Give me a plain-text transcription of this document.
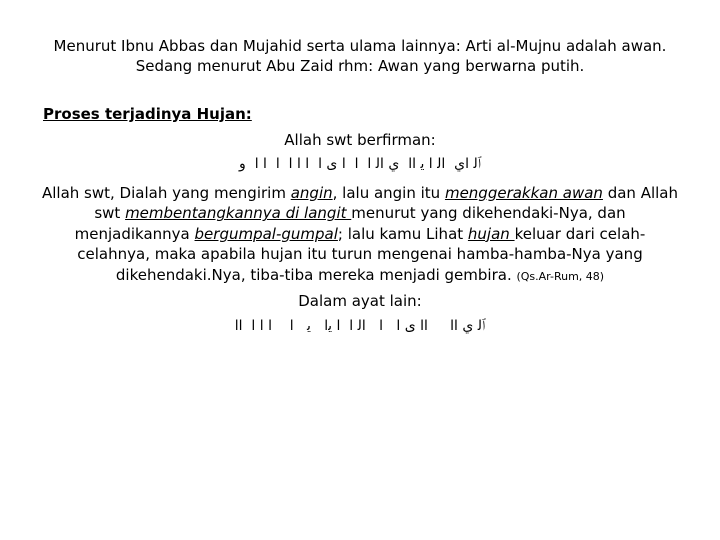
Menurut Ibnu Abbas dan Mujahid serta ulama lainnya: Arti al-Mujnu adalah awan.

Sedang menurut Abu Zaid rhm: Awan yang berwarna putih.

Proses terjadinya Hujan:

Allah swt berfirman:

ﭐﻟ ﺍﻱ  ﺍﻟ ﺍ ﻳ ﺍﺍ  ﻱ ﺍﻟ ﺍ  ﺍ  ﺍ ﻯ ﺍ  ﺍ ﺍ ﺍ  ﺍ  ﺍ ﺍ  ﻭ

Allah swt, Dialah yang mengirim angin, lalu angin itu menggerakkan awan dan Allah swt membentangkannya di langit menurut yang dikehendaki-Nya, dan menjadikannya bergumpal-gumpal; lalu kamu Lihat hujan keluar dari celah-celahnya, maka apabila hujan itu turun mengenai hamba-hamba-Nya yang dikehendaki.Nya, tiba-tiba mereka menjadi gembira. (Qs.Ar-Rum, 48)

Dalam ayat lain:

ﭐﻟ ﻱ ﺍﺍ     ﺍﺍ ﻯ ﺍ   ﺍ   ﺍﻟ ﺍ  ﺍ ﻳﺍ   ﻳ   ﺍ    ﺍ ﺍ ﺍ  ﺍﺍ
